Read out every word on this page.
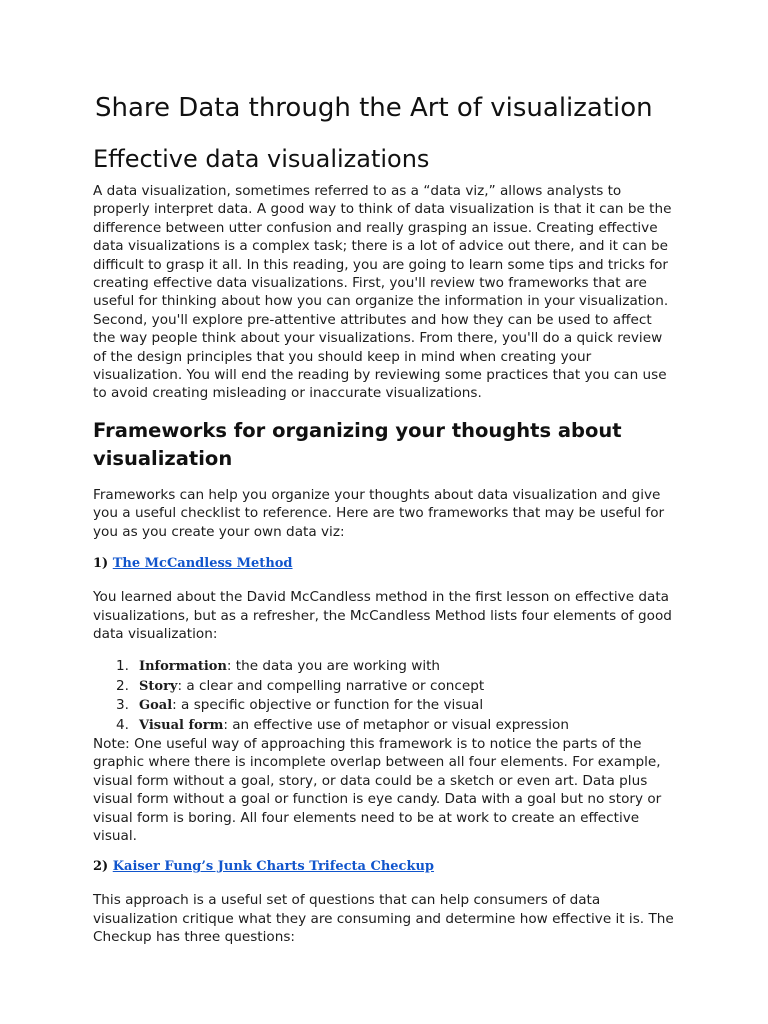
Share Data through the Art of visualization
Effective data visualizations

A data visualization, sometimes referred to as a “data viz,” allows analysts to properly interpret data. A good way to think of data visualization is that it can be the difference between utter confusion and really grasping an issue. Creating effective data visualizations is a complex task; there is a lot of advice out there, and it can be difficult to grasp it all. In this reading, you are going to learn some tips and tricks for creating effective data visualizations. First, you'll review two frameworks that are useful for thinking about how you can organize the information in your visualization. Second, you'll explore pre-attentive attributes and how they can be used to affect the way people think about your visualizations. From there, you'll do a quick review of the design principles that you should keep in mind when creating your visualization. You will end the reading by reviewing some practices that you can use to avoid creating misleading or inaccurate visualizations.

Frameworks for organizing your thoughts about visualization

Frameworks can help you organize your thoughts about data visualization and give you a useful checklist to reference. Here are two frameworks that may be useful for you as you create your own data viz:

1) The McCandless Method

You learned about the David McCandless method in the first lesson on effective data visualizations, but as a refresher, the McCandless Method lists four elements of good data visualization:

1. Information: the data you are working with
2. Story: a clear and compelling narrative or concept
3. Goal: a specific objective or function for the visual
4. Visual form: an effective use of metaphor or visual expression

Note: One useful way of approaching this framework is to notice the parts of the graphic where there is incomplete overlap between all four elements. For example, visual form without a goal, story, or data could be a sketch or even art. Data plus visual form without a goal or function is eye candy. Data with a goal but no story or visual form is boring. All four elements need to be at work to create an effective visual.

2) Kaiser Fung’s Junk Charts Trifecta Checkup

This approach is a useful set of questions that can help consumers of data visualization critique what they are consuming and determine how effective it is. The Checkup has three questions:
